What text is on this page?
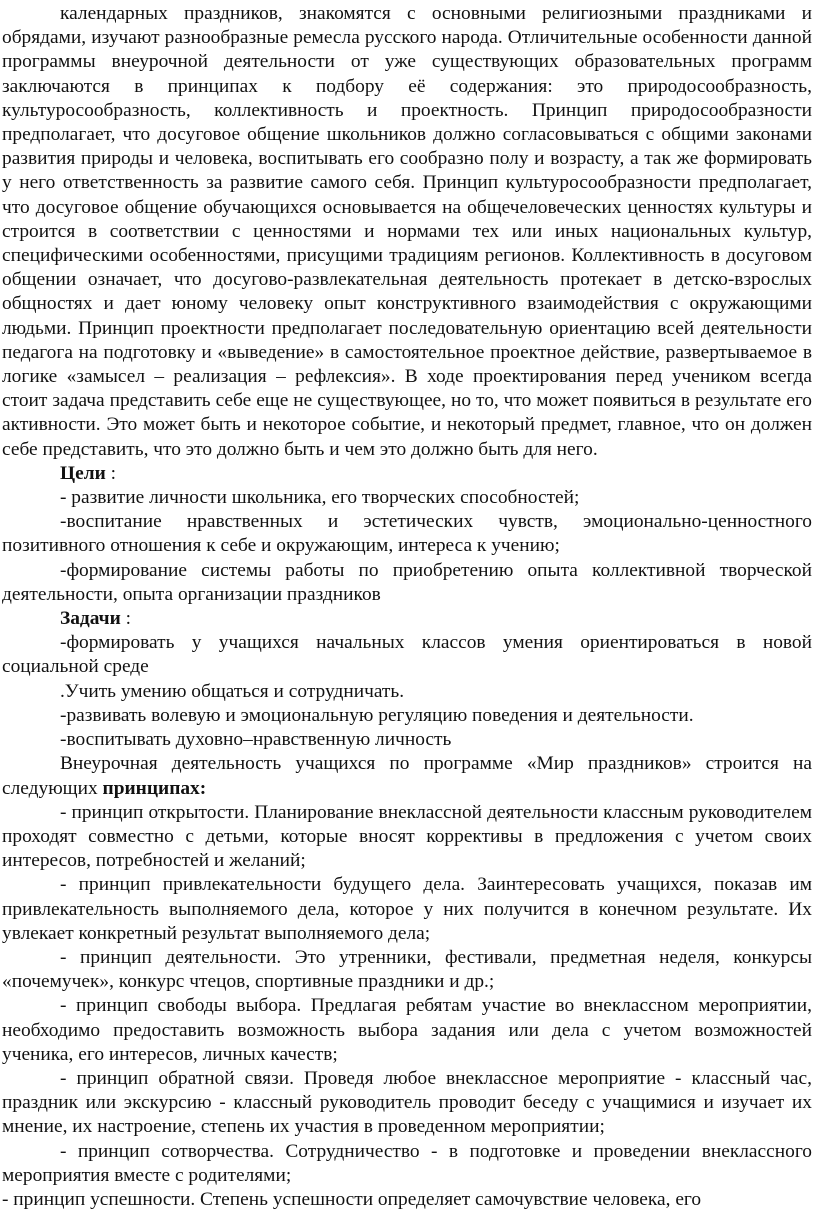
календарных праздников, знакомятся с основными религиозными праздниками и обрядами, изучают разнообразные ремесла русского народа. Отличительные особенности данной программы внеурочной деятельности от уже существующих образовательных программ заключаются в принципах к подбору её содержания: это природосообразность, культуросообразность, коллективность и проектность. Принцип природосообразности предполагает, что досуговое общение школьников должно согласовываться с общими законами развития природы и человека, воспитывать его сообразно полу и возрасту, а так же формировать у него ответственность за развитие самого себя. Принцип культуросообразности предполагает, что досуговое общение обучающихся основывается на общечеловеческих ценностях культуры и строится в соответствии с ценностями и нормами тех или иных национальных культур, специфическими особенностями, присущими традициям регионов. Коллективность в досуговом общении означает, что досугово-развлекательная деятельность протекает в детско-взрослых общностях и дает юному человеку опыт конструктивного взаимодействия с окружающими людьми. Принцип проектности предполагает последовательную ориентацию всей деятельности педагога на подготовку и «выведение» в самостоятельное проектное действие, развертываемое в логике «замысел – реализация – рефлексия». В ходе проектирования перед учеником всегда стоит задача представить себе еще не существующее, но то, что может появиться в результате его активности. Это может быть и некоторое событие, и некоторый предмет, главное, что он должен себе представить, что это должно быть и чем это должно быть для него.

Цели :

- развитие личности школьника, его творческих способностей;

-воспитание нравственных и эстетических чувств, эмоционально-ценностного позитивного отношения к себе и окружающим, интереса к учению;

-формирование системы работы по приобретению опыта коллективной творческой деятельности, опыта организации праздников

Задачи :

-формировать у учащихся начальных классов умения ориентироваться в новой социальной среде

.Учить умению общаться и сотрудничать.

-развивать волевую и эмоциональную регуляцию поведения и деятельности.

-воспитывать духовно–нравственную личность

Внеурочная деятельность учащихся по программе «Мир праздников» строится на следующих принципах:

- принцип открытости. Планирование внеклассной деятельности классным руководителем проходят совместно с детьми, которые вносят коррективы в предложения с учетом своих интересов, потребностей и желаний;

- принцип привлекательности будущего дела. Заинтересовать учащихся, показав им привлекательность выполняемого дела, которое у них получится в конечном результате. Их увлекает конкретный результат выполняемого дела;

- принцип деятельности. Это утренники, фестивали, предметная неделя, конкурсы «почемучек», конкурс чтецов, спортивные праздники и др.;

- принцип свободы выбора. Предлагая ребятам участие во внеклассном мероприятии, необходимо предоставить возможность выбора задания или дела с учетом возможностей ученика, его интересов, личных качеств;

- принцип обратной связи. Проведя любое внеклассное мероприятие - классный час, праздник или экскурсию - классный руководитель проводит беседу с учащимися и изучает их мнение, их настроение, степень их участия в проведенном мероприятии;

- принцип сотворчества. Сотрудничество - в подготовке и проведении внеклассного мероприятия вместе с родителями;

- принцип успешности. Степень успешности определяет самочувствие человека, его
